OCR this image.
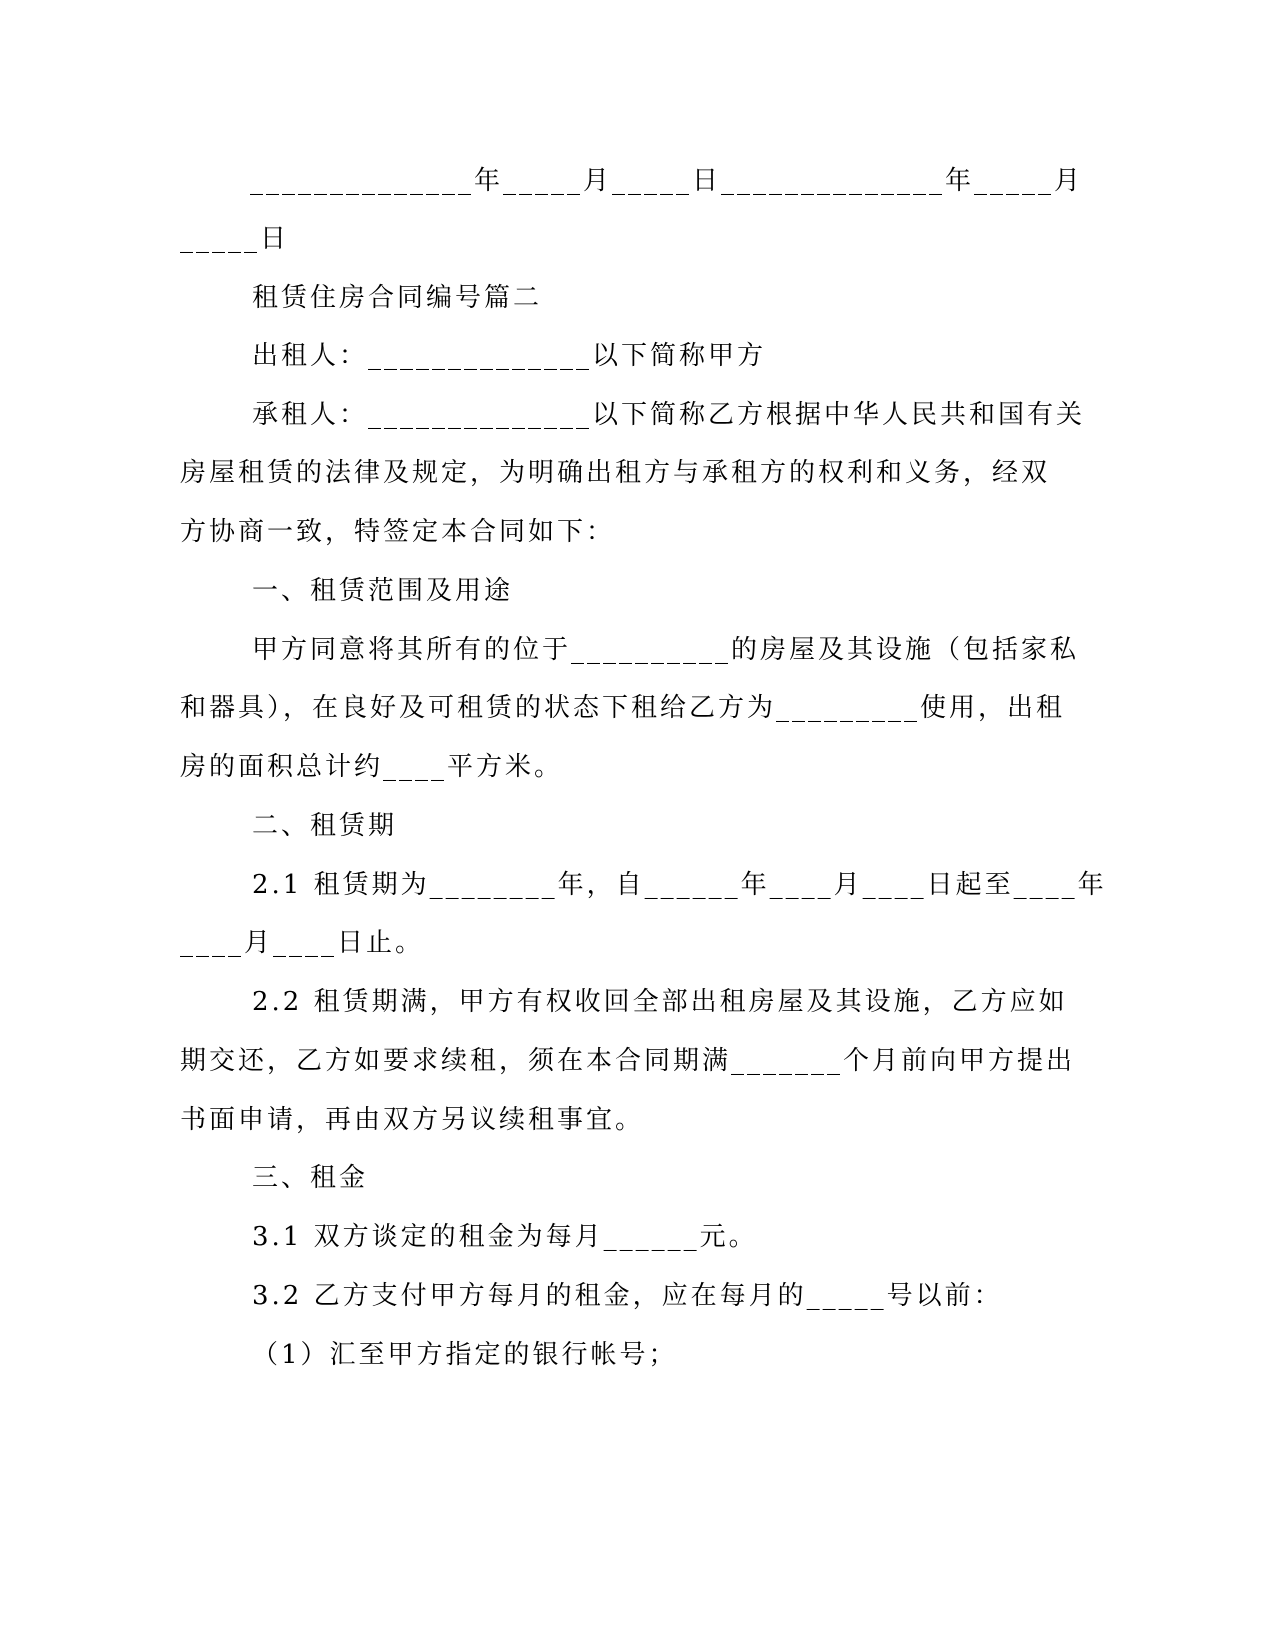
______________年_____月_____日______________年_____月
_____日
租赁住房合同编号篇二
出租人：______________以下简称甲方
承租人：______________以下简称乙方根据中华人民共和国有关
房屋租赁的法律及规定，为明确出租方与承租方的权利和义务，经双
方协商一致，特签定本合同如下：
一、租赁范围及用途
甲方同意将其所有的位于__________的房屋及其设施（包括家私
和器具），在良好及可租赁的状态下租给乙方为_________使用，出租
房的面积总计约____平方米。
二、租赁期
2.1 租赁期为________年，自______年____月____日起至____年
____月____日止。
2.2 租赁期满，甲方有权收回全部出租房屋及其设施，乙方应如
期交还，乙方如要求续租，须在本合同期满_______个月前向甲方提出
书面申请，再由双方另议续租事宜。
三、租金
3.1 双方谈定的租金为每月______元。
3.2 乙方支付甲方每月的租金，应在每月的_____号以前：
（1）汇至甲方指定的银行帐号；
